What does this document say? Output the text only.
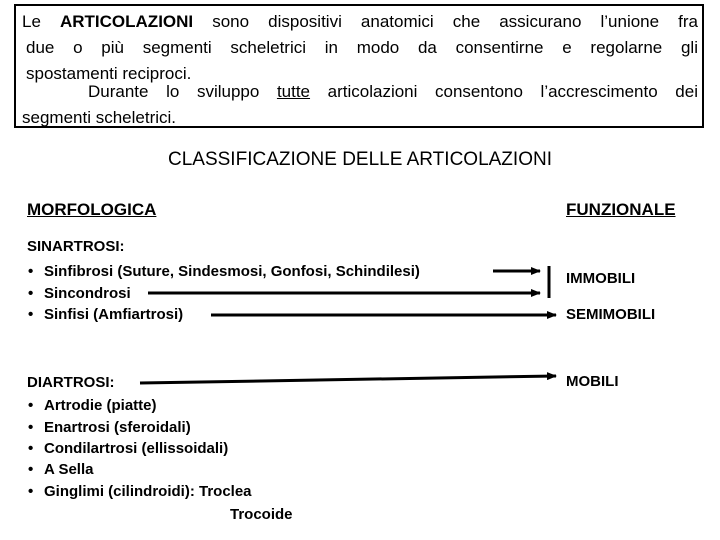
Le ARTICOLAZIONI sono dispositivi anatomici che assicurano l’unione fra
due o più segmenti scheletrici in modo da consentirne e regolarne gli
spostamenti reciproci.
Durante lo sviluppo tutte articolazioni consentono l’accrescimento dei
segmenti scheletrici.
CLASSIFICAZIONE DELLE ARTICOLAZIONI
MORFOLOGICA	FUNZIONALE
SINARTROSI:
• Sinfibrosi (Suture, Sindesmosi, Gonfosi, Schindilesi)
• Sincondrosi
• Sinfisi (Amfiartrosi)
IMMOBILI
SEMIMOBILI
MOBILI
DIARTROSI:
• Artrodie (piatte)
• Enartrosi (sferoidali)
• Condilartrosi (ellissoidali)
• A Sella
• Ginglimi (cilindroidi): Troclea
Trocoide
